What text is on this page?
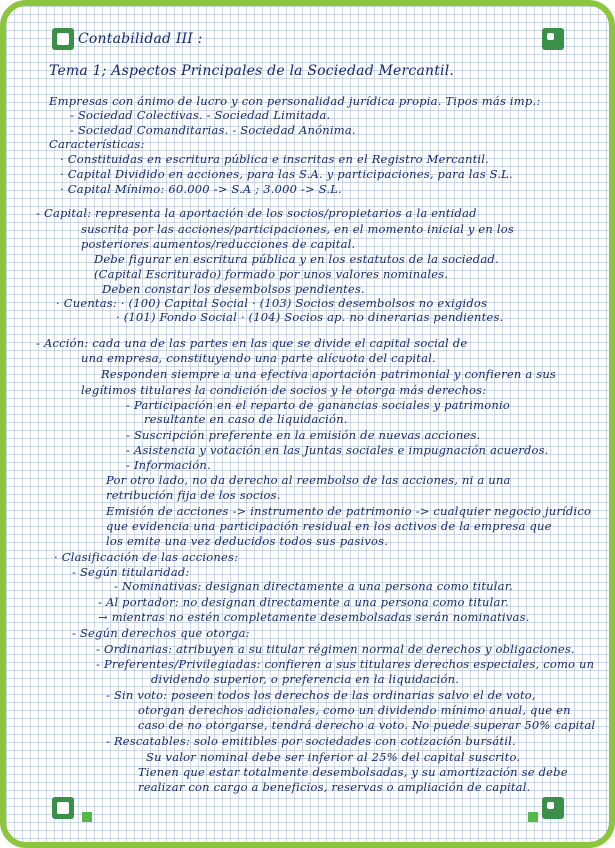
Contabilidad III :
Tema 1; Aspectos Principales de la Sociedad Mercantil.
Empresas con ánimo de lucro y con personalidad jurídica propia. Tipos más imp.:
- Sociedad Colectivas. - Sociedad Limitada.
- Sociedad Comanditarias. - Sociedad Anónima.
Características:
· Constituidas en escritura pública e inscritas en el Registro Mercantil.
· Capital Dividido en acciones, para las S.A. y participaciones, para las S.L.
· Capital Mínimo: 60.000 -> S.A ; 3.000 -> S.L.
- Capital: representa la aportación de los socios/propietarios a la entidad
suscrita por las acciones/participaciones, en el momento inicial y en los
posteriores aumentos/reducciones de capital.
Debe figurar en escritura pública y en los estatutos de la sociedad.
(Capital Escriturado) formado por unos valores nominales.
Deben constar los desembolsos pendientes.
· Cuentas: · (100) Capital Social · (103) Socios desembolsos no exigidos
· (101) Fondo Social · (104) Socios ap. no dinerarias pendientes.
- Acción: cada una de las partes en las que se divide el capital social de
una empresa, constituyendo una parte alícuota del capital.
Responden siempre a una efectiva aportación patrimonial y confieren a sus
legítimos titulares la condición de socios y le otorga más derechos:
- Participación en el reparto de ganancias sociales y patrimonio
resultante en caso de liquidación.
- Suscripción preferente en la emisión de nuevas acciones.
- Asistencia y votación en las Juntas sociales e impugnación acuerdos.
- Información.
Por otro lado, no da derecho al reembolso de las acciones, ni a una
retribución fija de los socios.
Emisión de acciones -> instrumento de patrimonio -> cualquier negocio jurídico
que evidencia una participación residual en los activos de la empresa que
los emite una vez deducidos todos sus pasivos.
· Clasificación de las acciones:
- Según titularidad:
- Nominativas: designan directamente a una persona como titular.
- Al portador: no designan directamente a una persona como titular.
→ mientras no estén completamente desembolsadas serán nominativas.
- Según derechos que otorga:
- Ordinarias: atribuyen a su titular régimen normal de derechos y obligaciones.
- Preferentes/Privilegiadas: confieren a sus titulares derechos especiales, como un
dividendo superior, o preferencia en la liquidación.
- Sin voto: poseen todos los derechos de las ordinarias salvo el de voto,
otorgan derechos adicionales, como un dividendo mínimo anual, que en
caso de no otorgarse, tendrá derecho a voto. No puede superar 50% capital
- Rescatables: solo emitibles por sociedades con cotización bursátil.
Su valor nominal debe ser inferior al 25% del capital suscrito.
Tienen que estar totalmente desembolsadas, y su amortización se debe
realizar con cargo a beneficios, reservas o ampliación de capital.
